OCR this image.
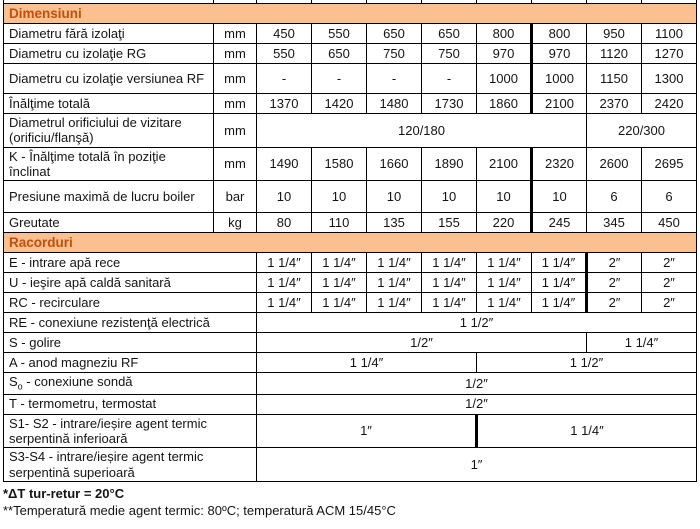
Dimensiuni									
Diametru fără izolaţi	mm	450	550	650	650	800	800	950	1100
Diametru cu izolaţie RG	mm	550	650	750	750	970	970	1120	1270
Diametru cu izolaţie versiunea RF	mm	-	-	-	-	1000	1000	1150	1300
Înălţime totală	mm	1370	1420	1480	1730	1860	2100	2370	2420
Diametrul orificiului de vizitare (orificiu/flanşă)	mm	120/180						220/300	
K - Înălţime totală în poziţie înclinat	mm	1490	1580	1660	1890	2100	2320	2600	2695
Presiune maximă de lucru boiler	bar	10	10	10	10	10	10	6	6
Greutate	kg	80	110	135	155	220	245	345	450
Racorduri									
E - intrare apă rece		1 1/4″	1 1/4″	1 1/4″	1 1/4″	1 1/4″	1 1/4″	2″	2″
U - ieşire apă caldă sanitară		1 1/4″	1 1/4″	1 1/4″	1 1/4″	1 1/4″	1 1/4″	2″	2″
RC - recirculare		1 1/4″	1 1/4″	1 1/4″	1 1/4″	1 1/4″	1 1/4″	2″	2″
RE - conexiune rezistenţă electrică		1 1/2″							
S - golire		1/2″						1 1/4″	
A - anod magneziu RF		1 1/4″				1 1/2″			
$S_o$ - conexiune sondă		1/2″							
T - termometru, termostat		1/2″							
S1- S2 - intrare/ieșire agent termic serpentină inferioară		1″				1 1/4″			
S3-S4 - intrare/ieșire agent termic serpentină superioară		1″							
*ΔT tur-retur = 20°C
**Temperatură medie agent termic: 80ºC; temperatură ACM 15/45°C
